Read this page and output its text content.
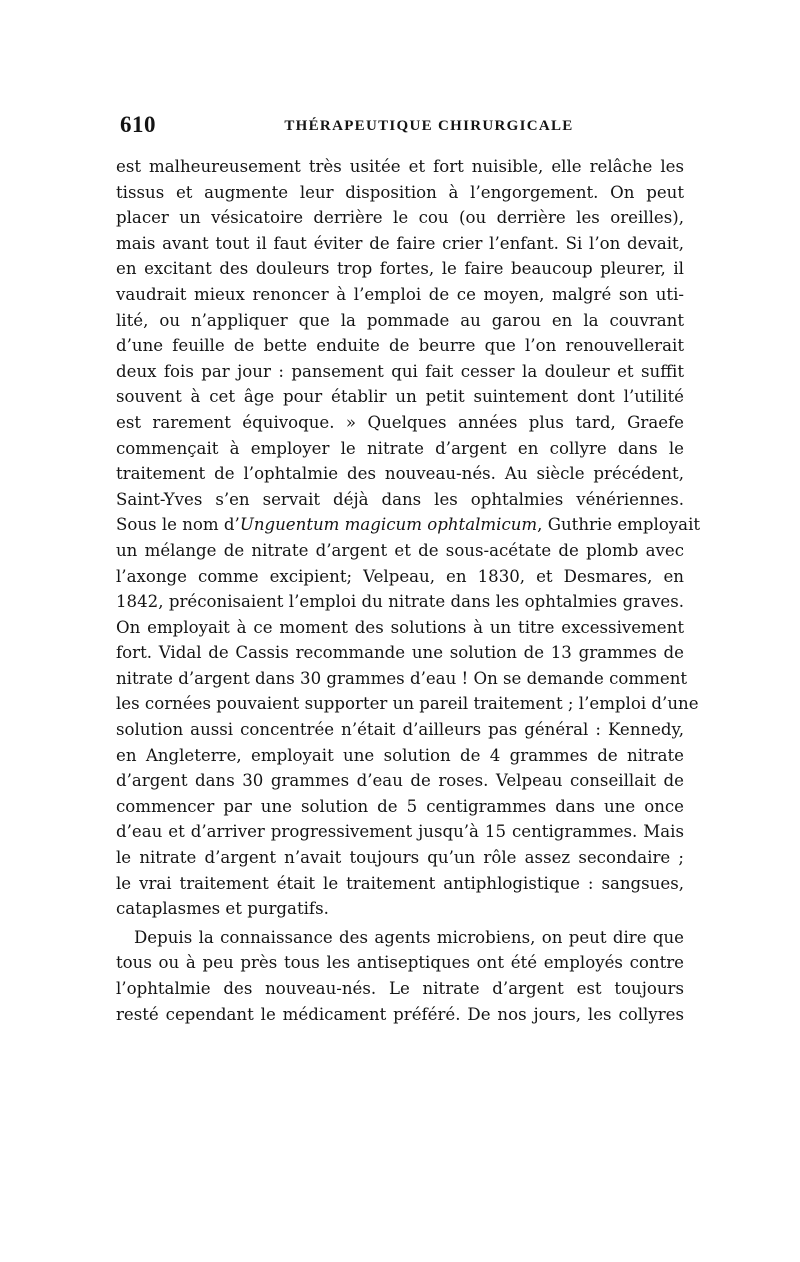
610	THÉRAPEUTIQUE CHIRURGICALE
est malheureusement très usitée et fort nuisible, elle relâche les
tissus et augmente leur disposition à l’engorgement. On peut
placer un vésicatoire derrière le cou (ou derrière les oreilles),
mais avant tout il faut éviter de faire crier l’enfant. Si l’on devait,
en excitant des douleurs trop fortes, le faire beaucoup pleurer, il
vaudrait mieux renoncer à l’emploi de ce moyen, malgré son uti-
lité, ou n’appliquer que la pommade au garou en la couvrant
d’une feuille de bette enduite de beurre que l’on renouvellerait
deux fois par jour : pansement qui fait cesser la douleur et suffit
souvent à cet âge pour établir un petit suintement dont l’utilité
est rarement équivoque. » Quelques années plus tard, Graefe
commençait à employer le nitrate d’argent en collyre dans le
traitement de l’ophtalmie des nouveau-nés. Au siècle précédent,
Saint-Yves s’en servait déjà dans les ophtalmies vénériennes.
Sous le nom d’Unguentum magicum ophtalmicum, Guthrie employait
un mélange de nitrate d’argent et de sous-acétate de plomb avec
l’axonge comme excipient; Velpeau, en 1830, et Desmares, en
1842, préconisaient l’emploi du nitrate dans les ophtalmies graves.
On employait à ce moment des solutions à un titre excessivement
fort. Vidal de Cassis recommande une solution de 13 grammes de
nitrate d’argent dans 30 grammes d’eau ! On se demande comment
les cornées pouvaient supporter un pareil traitement ; l’emploi d’une
solution aussi concentrée n’était d’ailleurs pas général : Kennedy,
en Angleterre, employait une solution de 4 grammes de nitrate
d’argent dans 30 grammes d’eau de roses. Velpeau conseillait de
commencer par une solution de 5 centigrammes dans une once
d’eau et d’arriver progressivement jusqu’à 15 centigrammes. Mais
le nitrate d’argent n’avait toujours qu’un rôle assez secondaire ;
le vrai traitement était le traitement antiphlogistique : sangsues,
cataplasmes et purgatifs.
Depuis la connaissance des agents microbiens, on peut dire que
tous ou à peu près tous les antiseptiques ont été employés contre
l’ophtalmie des nouveau-nés. Le nitrate d’argent est toujours
resté cependant le médicament préféré. De nos jours, les collyres
